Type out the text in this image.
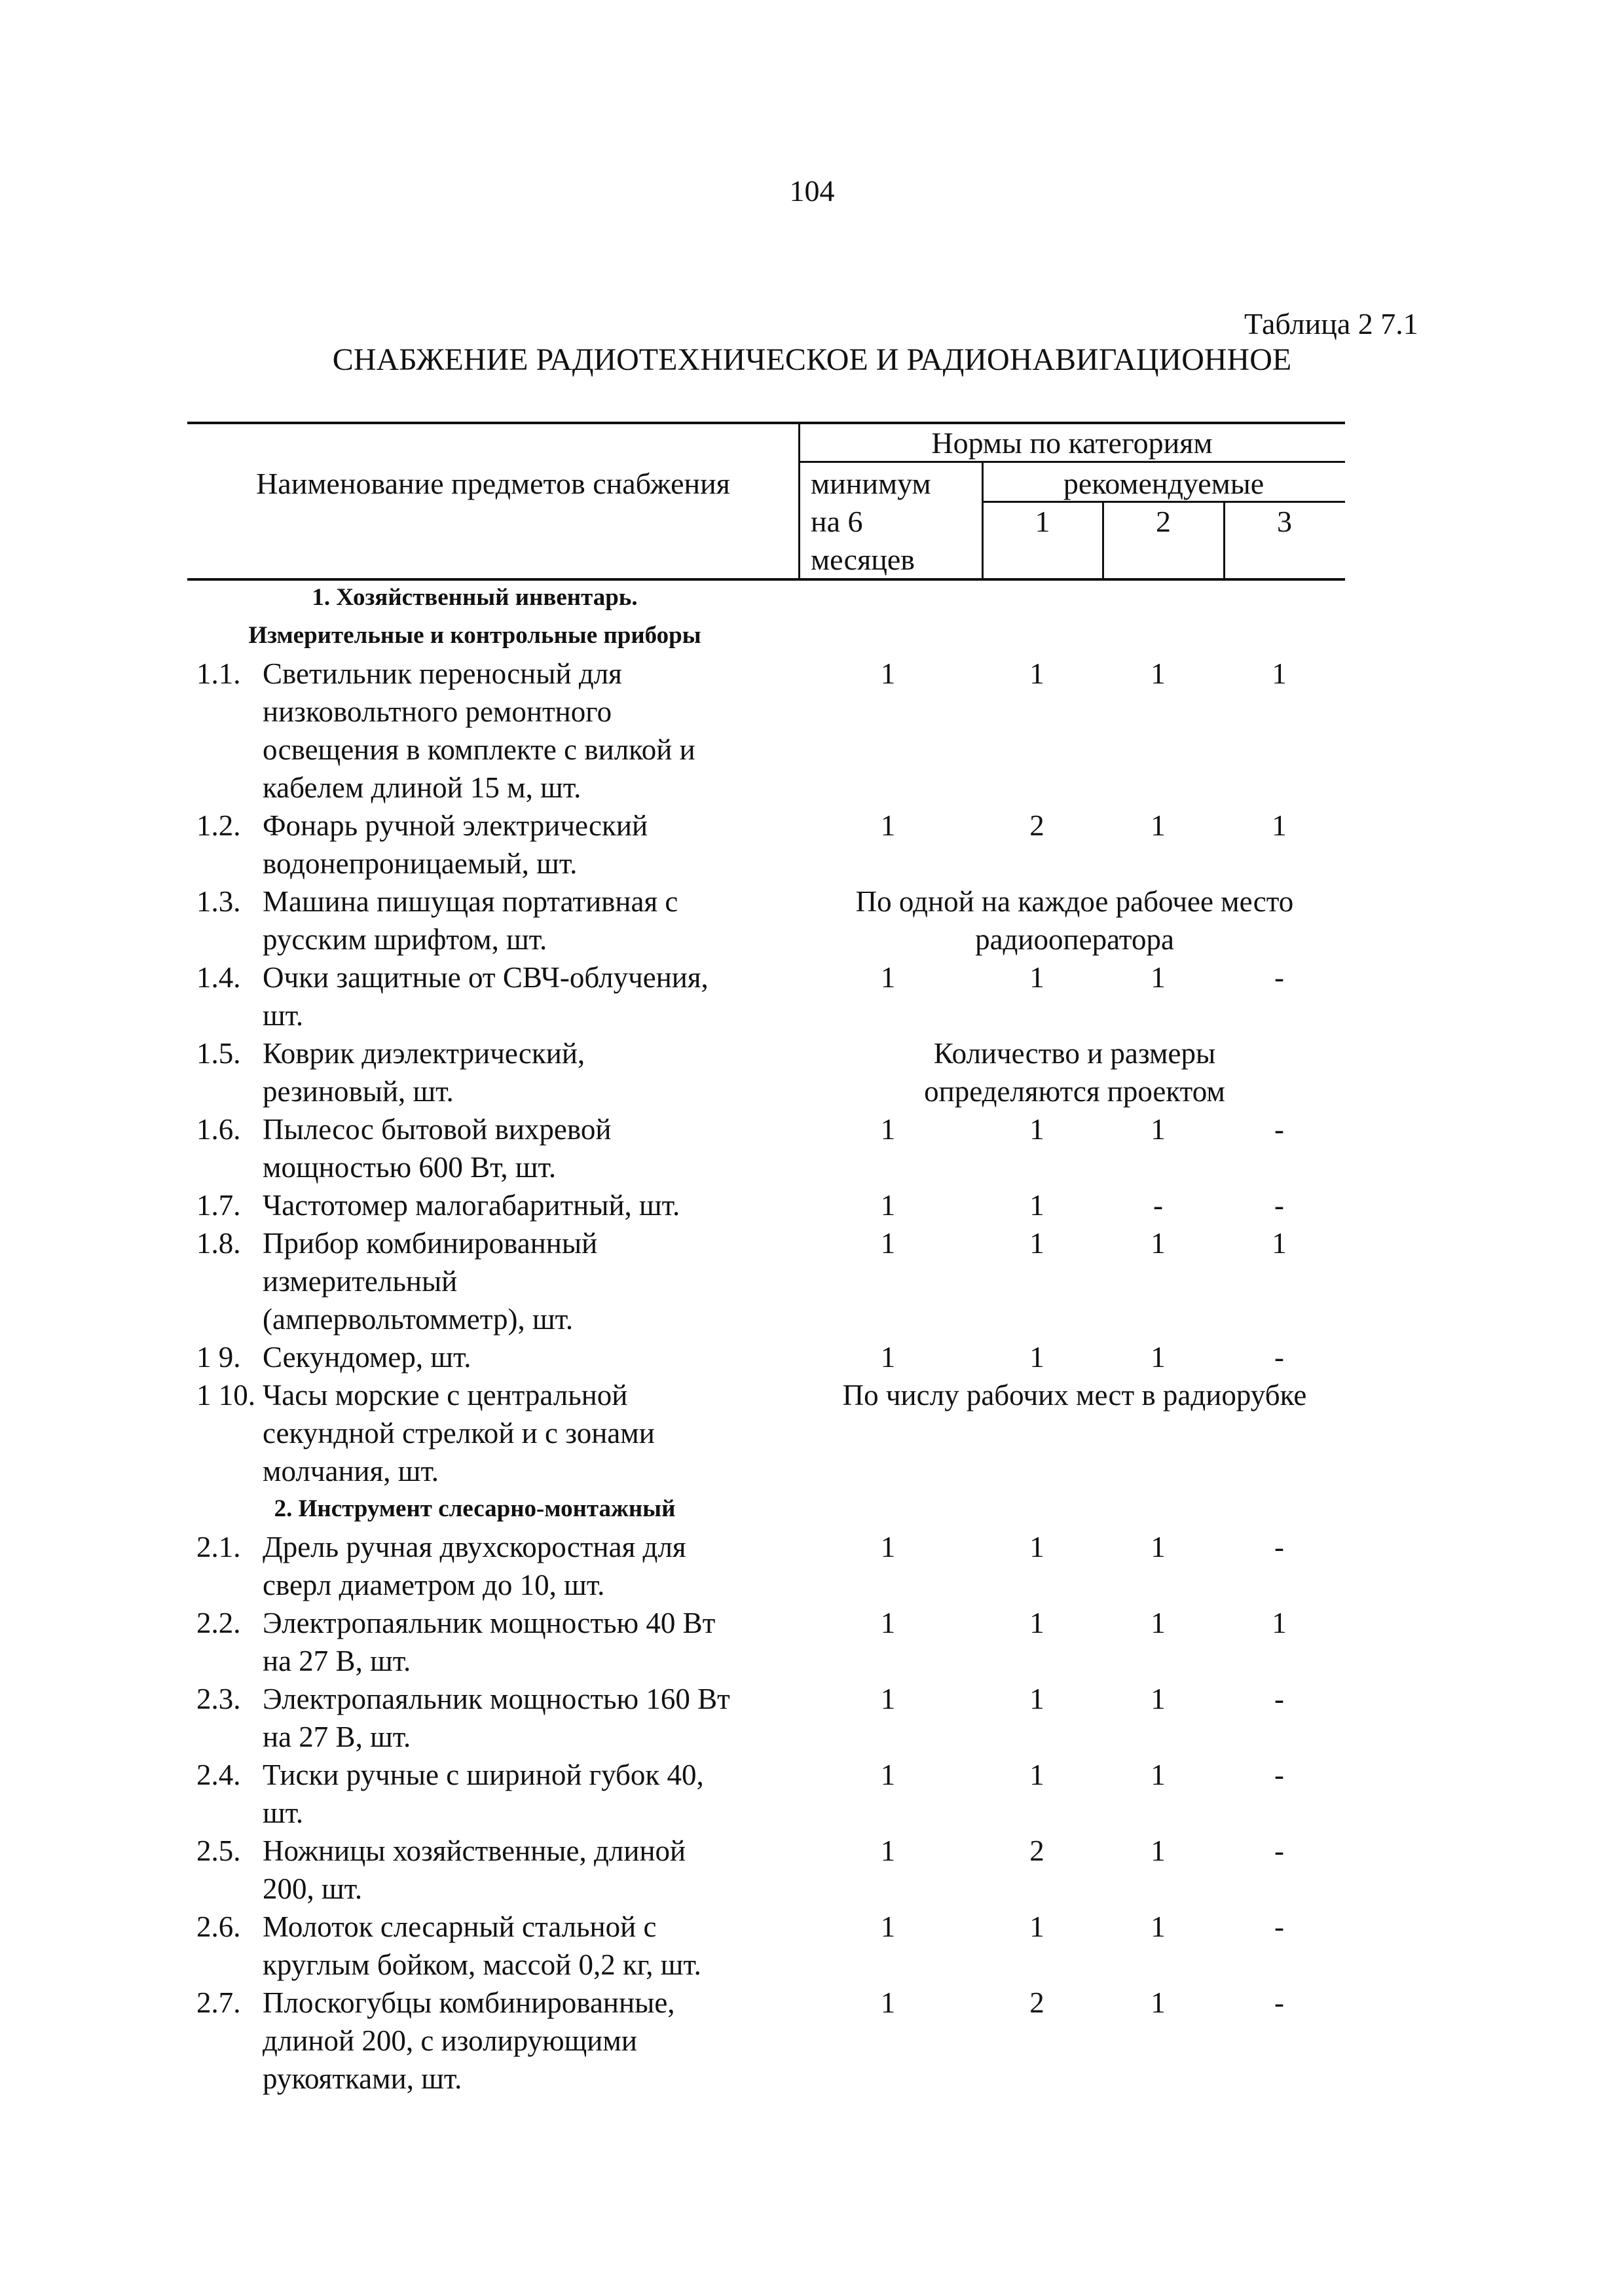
104
Таблица 2 7.1
СНАБЖЕНИЕ РАДИОТЕХНИЧЕСКОЕ И РАДИОНАВИГАЦИОННОЕ
Наименование предметов снабжения
Нормы по категориям
минимум
на 6
месяцев
рекомендуемые
1	2	3
1. Хозяйственный инвентарь.
Измерительные и контрольные приборы
1.1. Светильник переносный для	1	1	1	1
низковольтного ремонтного
освещения в комплекте с вилкой и
кабелем длиной 15 м, шт.
1.2. Фонарь ручной электрический	1	2	1	1
водонепроницаемый, шт.
1.3. Машина пишущая портативная с	По одной на каждое рабочее место
русским шрифтом, шт.	радиооператора
1.4. Очки защитные от СВЧ-облучения,	1	1	1	-
шт.
1.5. Коврик диэлектрический,	Количество и размеры
резиновый, шт.	определяются проектом
1.6. Пылесос бытовой вихревой	1	1	1	-
мощностью 600 Вт, шт.
1.7. Частотомер малогабаритный, шт.	1	1	-	-
1.8. Прибор комбинированный	1	1	1	1
измерительный
(ампервольтомметр), шт.
1 9. Секундомер, шт.	1	1	1	-
1 10. Часы морские с центральной	По числу рабочих мест в радиорубке
секундной стрелкой и с зонами
молчания, шт.
2. Инструмент слесарно-монтажный
2.1. Дрель ручная двухскоростная для	1	1	1	-
сверл диаметром до 10, шт.
2.2. Электропаяльник мощностью 40 Вт	1	1	1	1
на 27 В, шт.
2.3. Электропаяльник мощностью 160 Вт	1	1	1	-
на 27 В, шт.
2.4. Тиски ручные с шириной губок 40,	1	1	1	-
шт.
2.5. Ножницы хозяйственные, длиной	1	2	1	-
200, шт.
2.6. Молоток слесарный стальной с	1	1	1	-
круглым бойком, массой 0,2 кг, шт.
2.7. Плоскогубцы комбинированные,	1	2	1	-
длиной 200, с изолирующими
рукоятками, шт.
